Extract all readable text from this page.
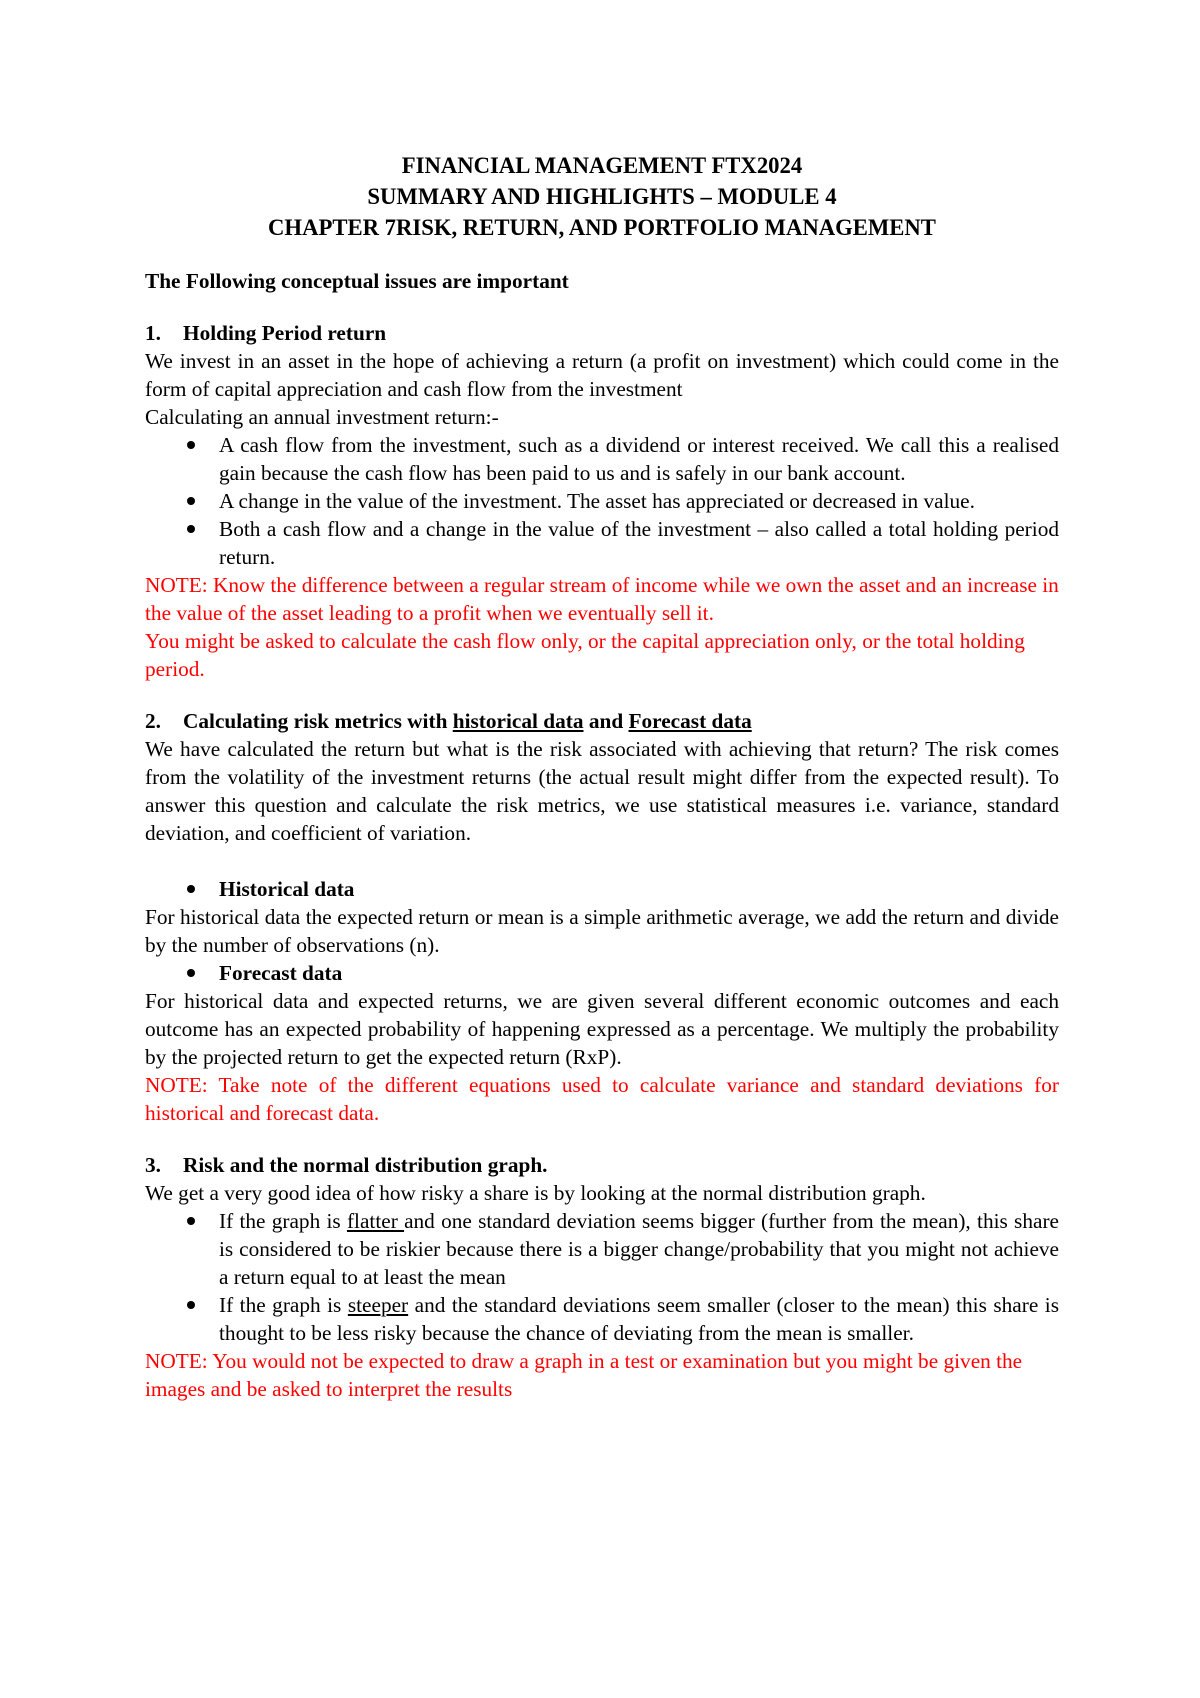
FINANCIAL MANAGEMENT FTX2024
SUMMARY AND HIGHLIGHTS – MODULE 4
CHAPTER 7RISK, RETURN, AND PORTFOLIO MANAGEMENT
The Following conceptual issues are important
1.	Holding Period return

We invest in an asset in the hope of achieving a return (a profit on investment) which could come in the form of capital appreciation and cash flow from the investment

Calculating an annual investment return:-

A cash flow from the investment, such as a dividend or interest received. We call this a realised gain because the cash flow has been paid to us and is safely in our bank account.
A change in the value of the investment. The asset has appreciated or decreased in value.
Both a cash flow and a change in the value of the investment – also called a total holding period return.

NOTE: Know the difference between a regular stream of income while we own the asset and an increase in the value of the asset leading to a profit when we eventually sell it.

You might be asked to calculate the cash flow only, or the capital appreciation only, or the total holding period.

2.	Calculating risk metrics with historical data and Forecast data

We have calculated the return but what is the risk associated with achieving that return? The risk comes from the volatility of the investment returns (the actual result might differ from the expected result). To answer this question and calculate the risk metrics, we use statistical measures i.e. variance, standard deviation, and coefficient of variation.

Historical data

For historical data the expected return or mean is a simple arithmetic average, we add the return and divide by the number of observations (n).

Forecast data

For historical data and expected returns, we are given several different economic outcomes and each outcome has an expected probability of happening expressed as a percentage. We multiply the probability by the projected return to get the expected return (RxP).

NOTE: Take note of the different equations used to calculate variance and standard deviations for historical and forecast data.

3.	Risk and the normal distribution graph.

We get a very good idea of how risky a share is by looking at the normal distribution graph.

If the graph is flatter and one standard deviation seems bigger (further from the mean), this share is considered to be riskier because there is a bigger change/probability that you might not achieve a return equal to at least the mean
If the graph is steeper and the standard deviations seem smaller (closer to the mean) this share is thought to be less risky because the chance of deviating from the mean is smaller.

NOTE: You would not be expected to draw a graph in a test or examination but you might be given the images and be asked to interpret the results
